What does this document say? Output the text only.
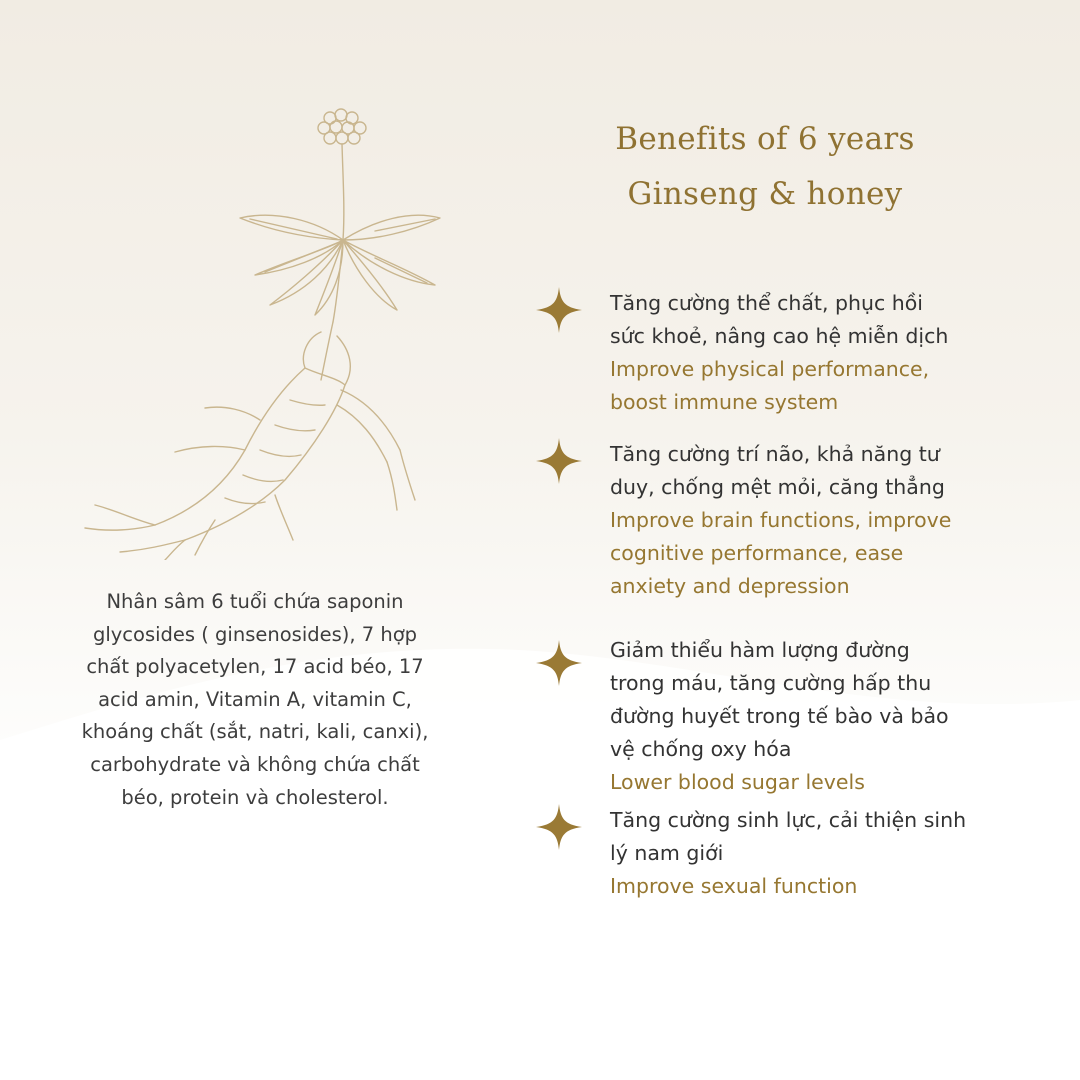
Benefits of 6 years
Ginseng & honey
Nhân sâm 6 tuổi chứa saponin glycosides ( ginsenosides), 7 hợp chất polyacetylen, 17 acid béo, 17 acid amin, Vitamin A, vitamin C, khoáng chất (sắt, natri, kali, canxi), carbohydrate và không chứa chất béo, protein và cholesterol.
Tăng cường thể chất, phục hồi
sức khoẻ, nâng cao hệ miễn dịch
Improve physical performance,
boost immune system
Tăng cường trí não, khả năng tư
duy, chống mệt mỏi, căng thẳng
Improve brain functions, improve
cognitive performance, ease
anxiety and depression
Giảm thiểu hàm lượng đường
trong máu, tăng cường hấp thu
đường huyết trong tế bào và bảo
vệ chống oxy hóa
Lower blood sugar levels
Tăng cường sinh lực, cải thiện sinh
lý nam giới
Improve sexual function
